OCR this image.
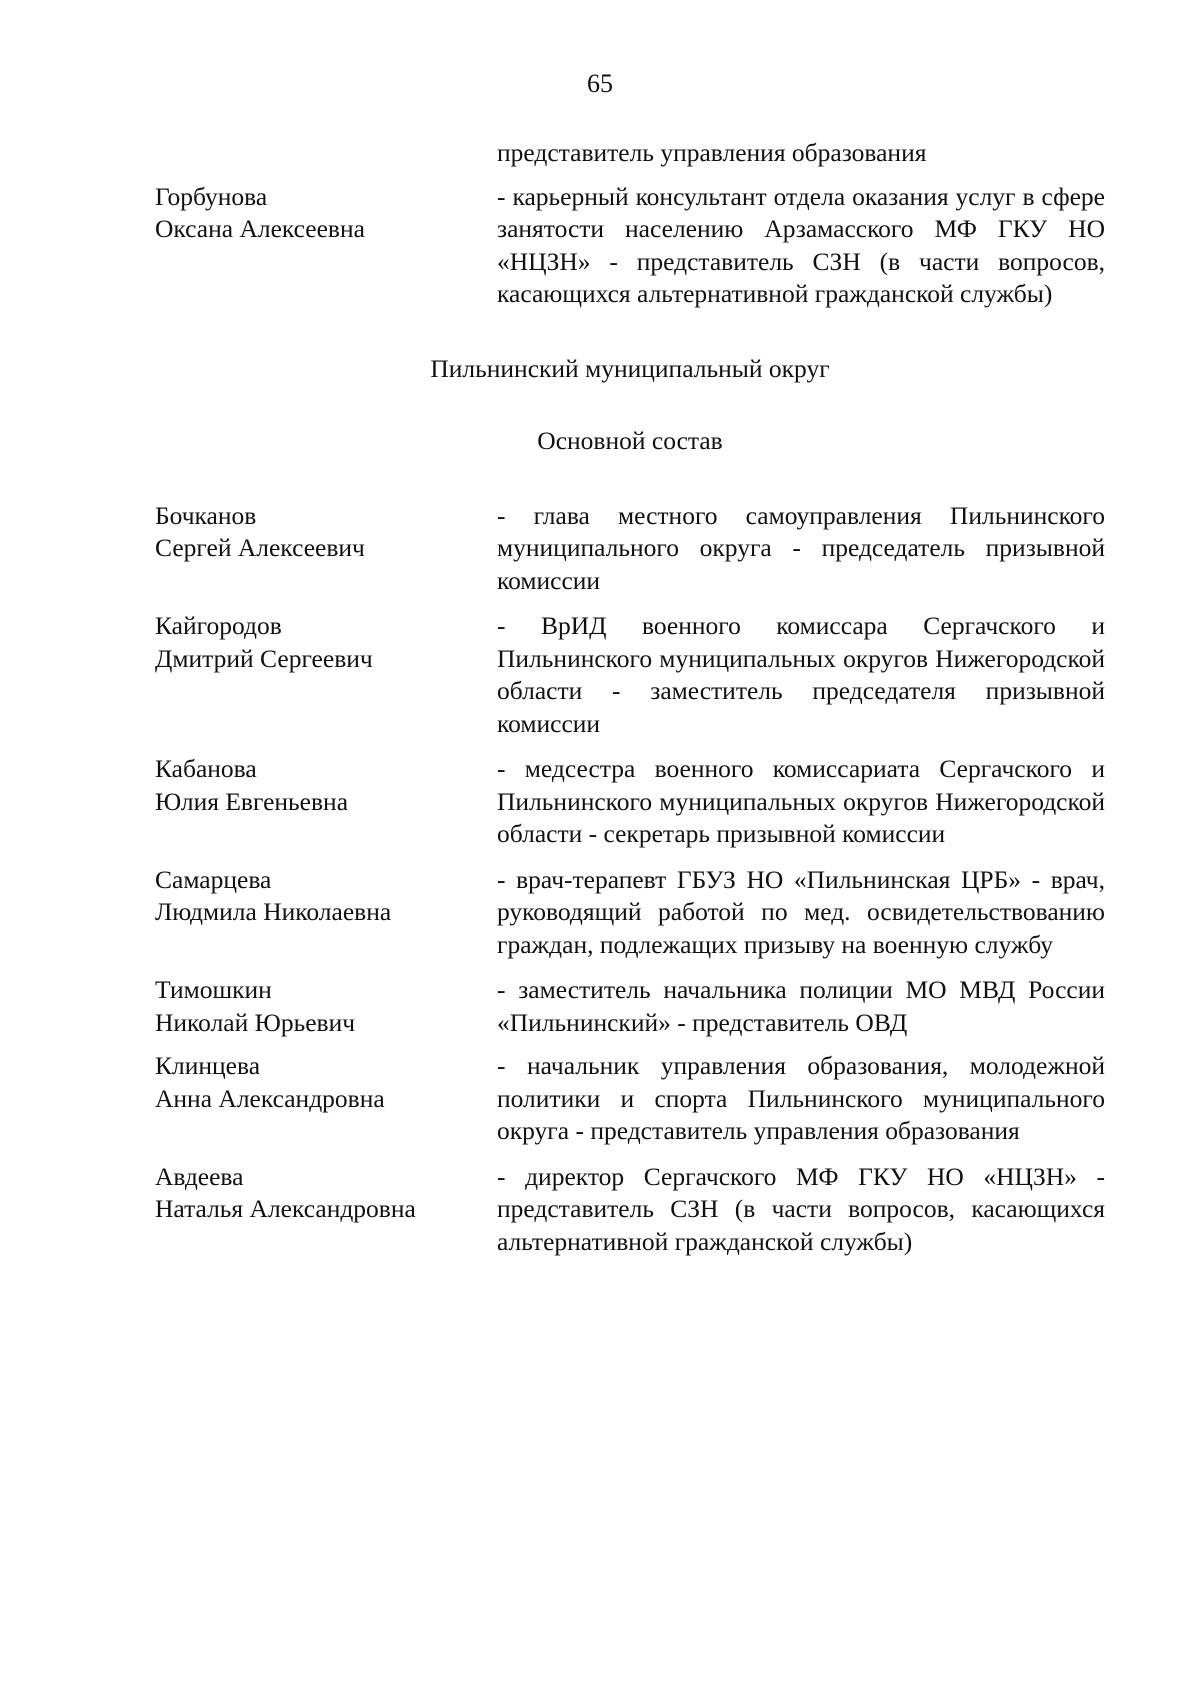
65
представитель управления образования
Горбунова
Оксана Алексеевна
- карьерный консультант отдела оказания услуг в сфере занятости населению Арзамасского МФ ГКУ НО «НЦЗН» - представитель СЗН (в части вопросов, касающихся альтернативной гражданской службы)
Пильнинский муниципальный округ
Основной состав
Бочканов
Сергей Алексеевич
- глава местного самоуправления Пильнинского муниципального округа - председатель призывной комиссии
Кайгородов
Дмитрий Сергеевич
- ВрИД военного комиссара Сергачского и Пильнинского муниципальных округов Нижегородской области - заместитель председателя призывной комиссии
Кабанова
Юлия Евгеньевна
- медсестра военного комиссариата Сергачского и Пильнинского муниципальных округов Нижегородской области - секретарь призывной комиссии
Самарцева
Людмила Николаевна
- врач-терапевт ГБУЗ НО «Пильнинская ЦРБ» - врач, руководящий работой по мед. освидетельствованию граждан, подлежащих призыву на военную службу
Тимошкин
Николай Юрьевич
- заместитель начальника полиции МО МВД России «Пильнинский» - представитель ОВД
Клинцева
Анна Александровна
- начальник управления образования, молодежной политики и спорта Пильнинского муниципального округа - представитель управления образования
Авдеева
Наталья Александровна
- директор Сергачского МФ ГКУ НО «НЦЗН» - представитель СЗН (в части вопросов, касающихся альтернативной гражданской службы)
